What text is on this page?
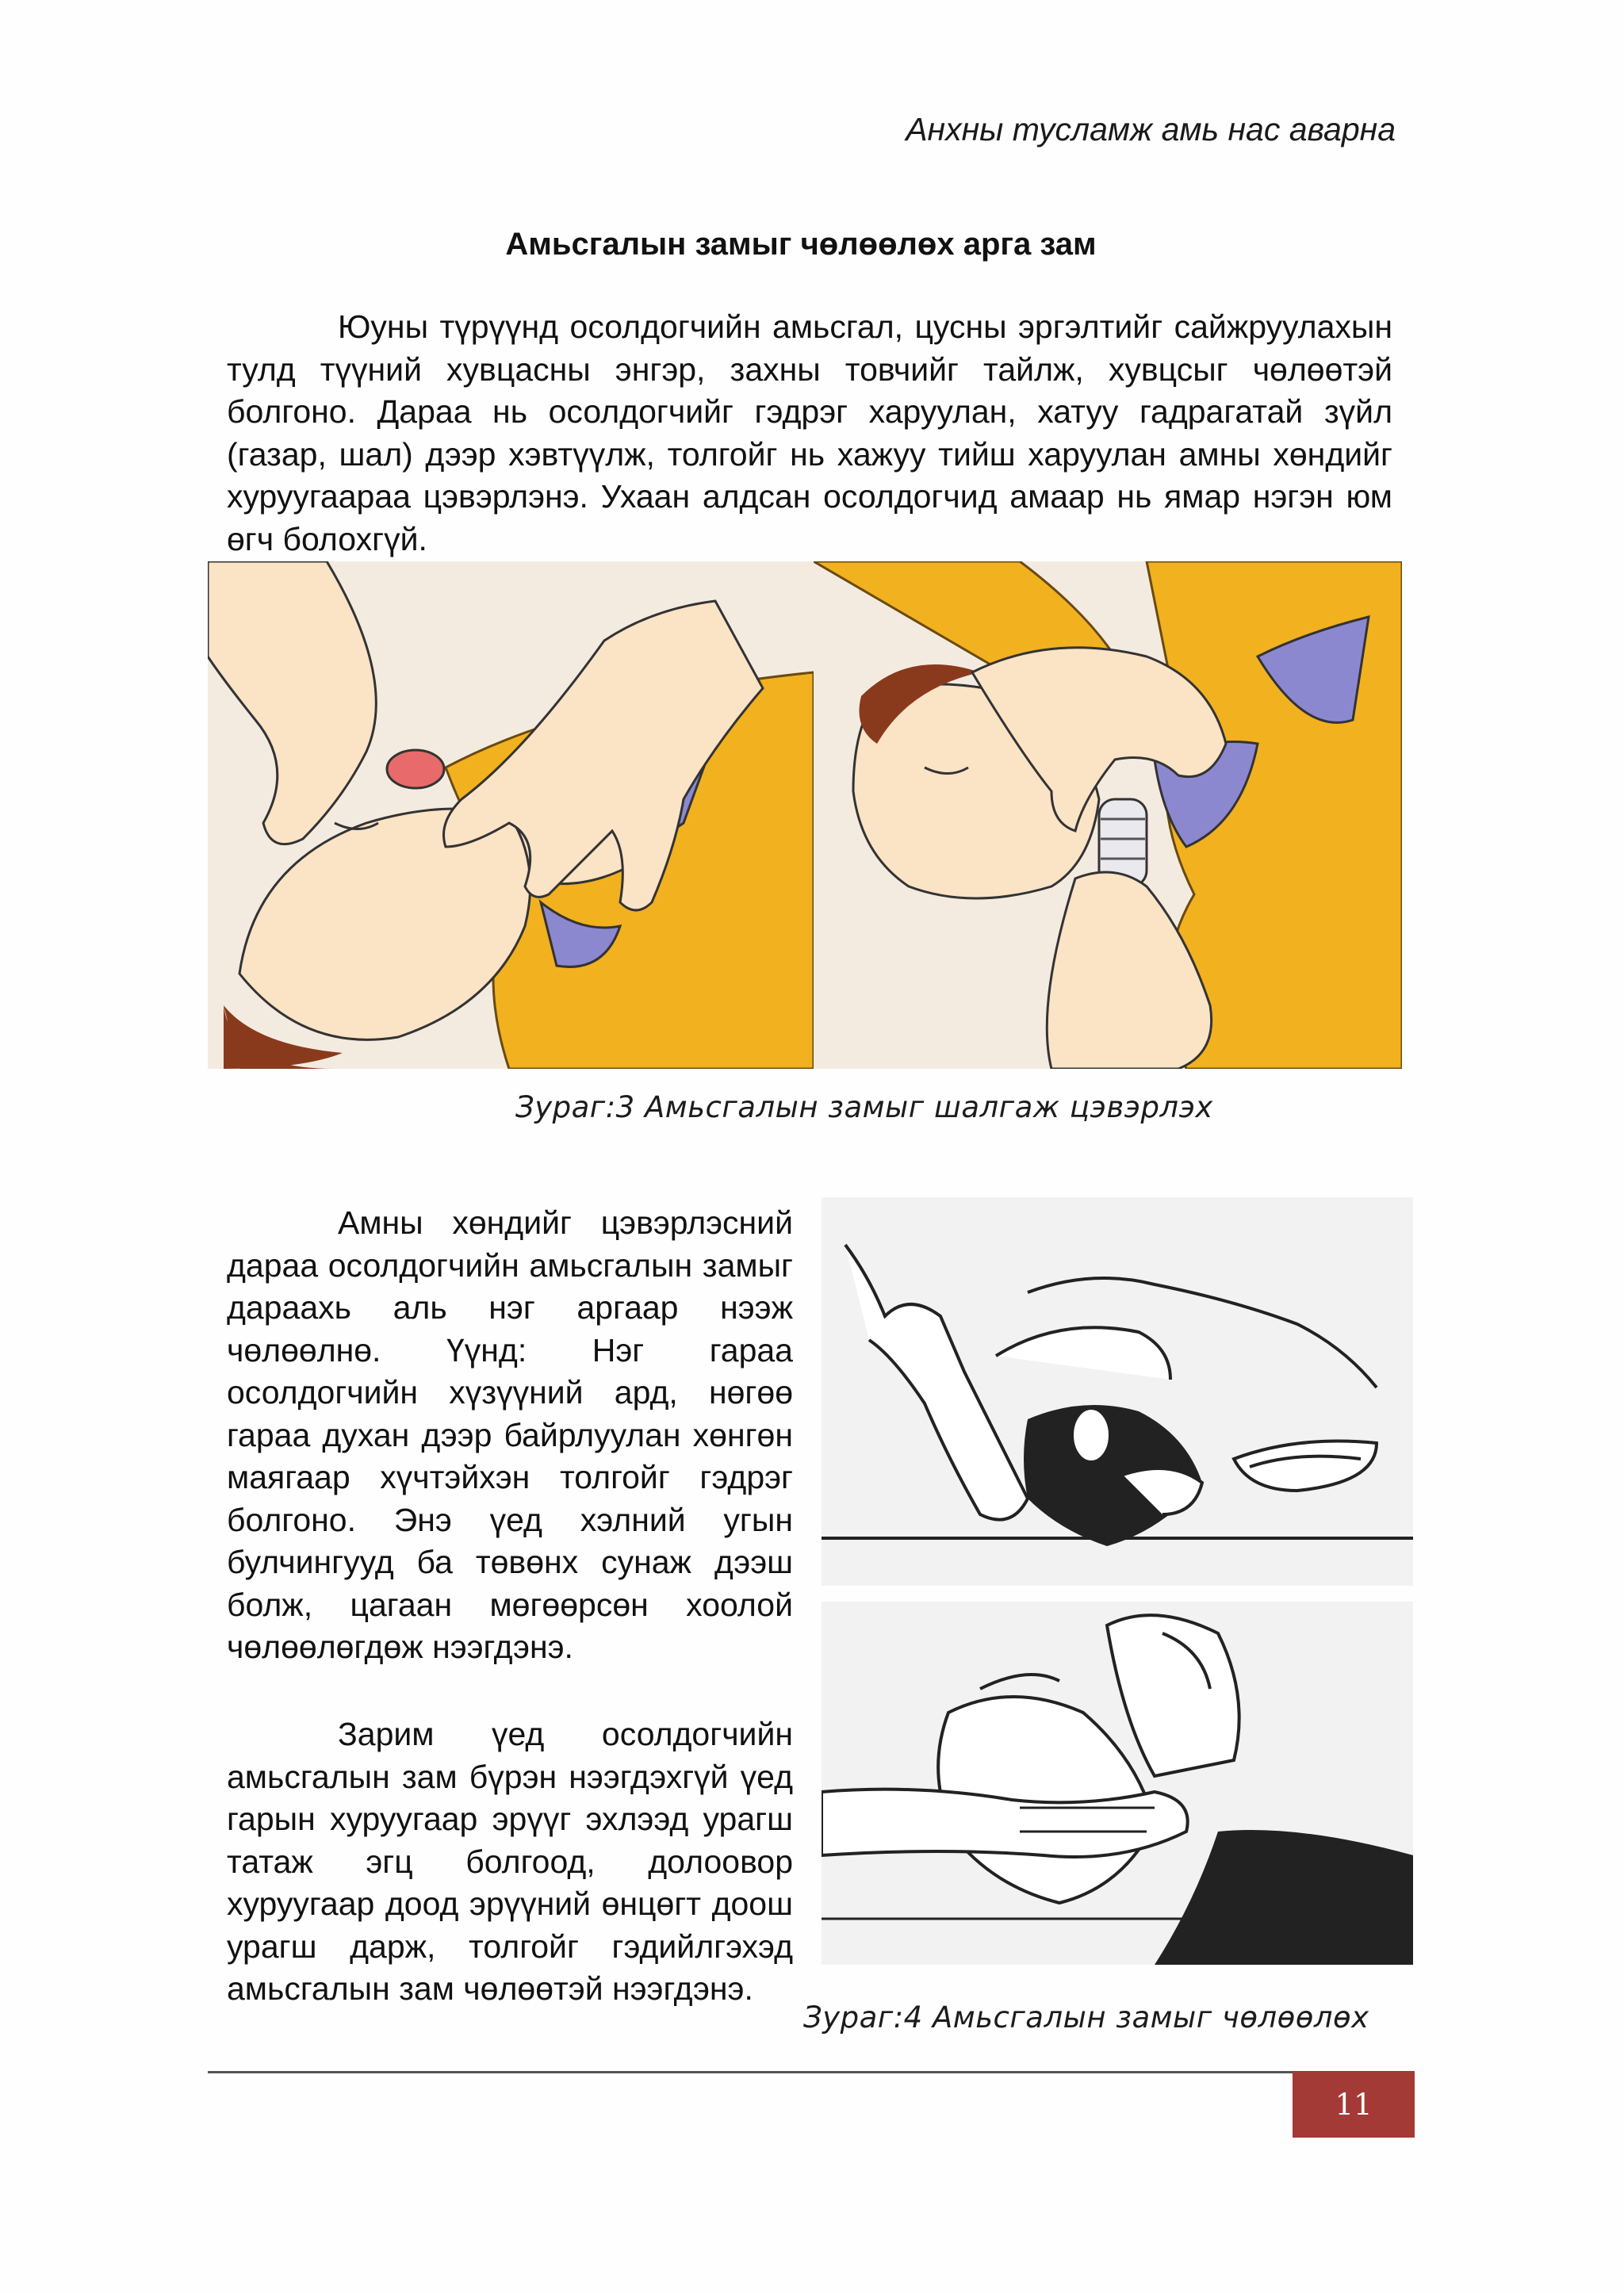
Анхны тусламж амь нас аварна
Амьсгалын замыг чөлөөлөх арга зам

Юуны түрүүнд осолдогчийн амьсгал, цусны эргэлтийг сайжруулахын тулд түүний хувцасны энгэр, захны товчийг тайлж, хувцсыг чөлөөтэй болгоно. Дараа нь осолдогчийг гэдрэг харуулан, хатуу гадрагатай зүйл (газар, шал) дээр хэвтүүлж, толгойг нь хажуу тийш харуулан амны хөндийг хуруугаараа цэвэрлэнэ. Ухаан алдсан осолдогчид амаар нь ямар нэгэн юм өгч болохгүй.

Зураг:3 Амьсгалын замыг шалгаж цэвэрлэх

Амны хөндийг цэвэрлэсний дараа осолдогчийн амьсгалын замыг дараахь аль нэг аргаар нээж чөлөөлнө. Үүнд: Нэг гараа осолдогчийн хүзүүний ард, нөгөө гараа духан дээр байрлуулан хөнгөн маягаар хүчтэйхэн толгойг гэдрэг болгоно. Энэ үед хэлний угын булчингууд ба төвөнх сунаж дээш болж, цагаан мөгөөрсөн хоолой чөлөөлөгдөж нээгдэнэ.

Зарим үед осолдогчийн амьсгалын зам бүрэн нээгдэхгүй үед гарын хуруугаар эрүүг эхлээд урагш татаж эгц болгоод, долоовор хуруугаар доод эрүүний өнцөгт доош урагш дарж, толгойг гэдийлгэхэд амьсгалын зам чөлөөтэй нээгдэнэ.

Зураг:4 Амьсгалын замыг чөлөөлөх
11
